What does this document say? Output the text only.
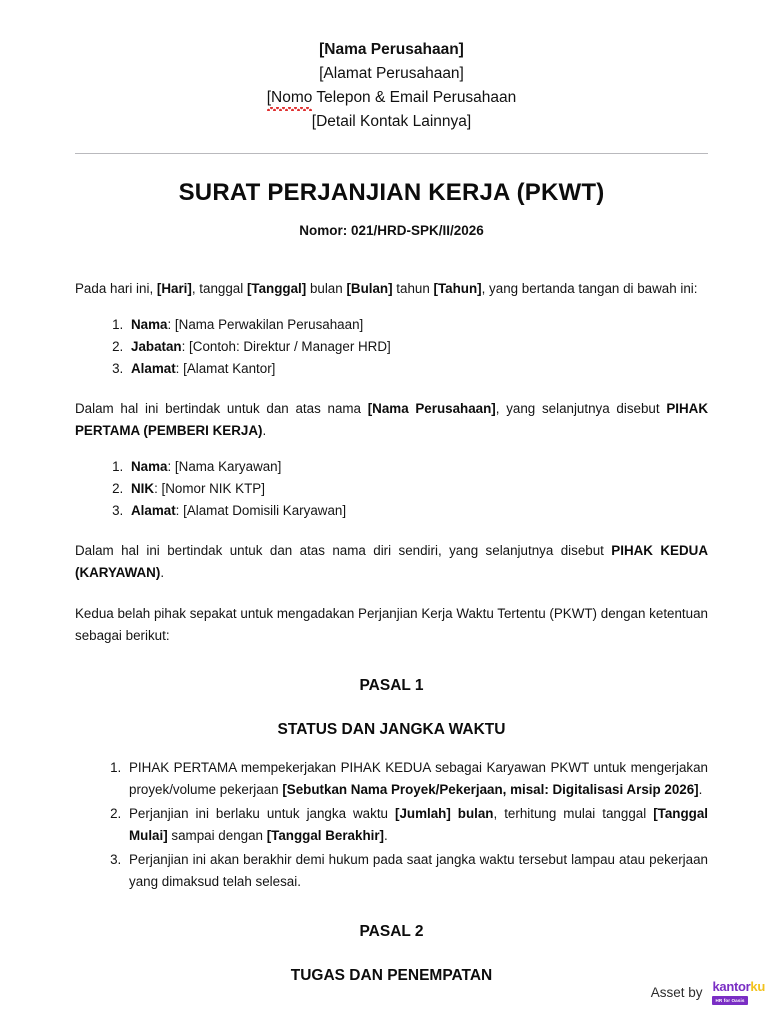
[Nama Perusahaan]
[Alamat Perusahaan]
[Nomo Telepon & Email Perusahaan
[Detail Kontak Lainnya]
SURAT PERJANJIAN KERJA (PKWT)
Nomor: 021/HRD-SPK/II/2026
Pada hari ini, [Hari], tanggal [Tanggal] bulan [Bulan] tahun [Tahun], yang bertanda tangan di bawah ini:
1. Nama: [Nama Perwakilan Perusahaan]
2. Jabatan: [Contoh: Direktur / Manager HRD]
3. Alamat: [Alamat Kantor]
Dalam hal ini bertindak untuk dan atas nama [Nama Perusahaan], yang selanjutnya disebut PIHAK PERTAMA (PEMBERI KERJA).
1. Nama: [Nama Karyawan]
2. NIK: [Nomor NIK KTP]
3. Alamat: [Alamat Domisili Karyawan]
Dalam hal ini bertindak untuk dan atas nama diri sendiri, yang selanjutnya disebut PIHAK KEDUA (KARYAWAN).
Kedua belah pihak sepakat untuk mengadakan Perjanjian Kerja Waktu Tertentu (PKWT) dengan ketentuan sebagai berikut:
PASAL 1
STATUS DAN JANGKA WAKTU
1. PIHAK PERTAMA mempekerjakan PIHAK KEDUA sebagai Karyawan PKWT untuk mengerjakan proyek/volume pekerjaan [Sebutkan Nama Proyek/Pekerjaan, misal: Digitalisasi Arsip 2026].
2. Perjanjian ini berlaku untuk jangka waktu [Jumlah] bulan, terhitung mulai tanggal [Tanggal Mulai] sampai dengan [Tanggal Berakhir].
3. Perjanjian ini akan berakhir demi hukum pada saat jangka waktu tersebut lampau atau pekerjaan yang dimaksud telah selesai.
PASAL 2
TUGAS DAN PENEMPATAN
Asset by kantorku
HR for Oasis
